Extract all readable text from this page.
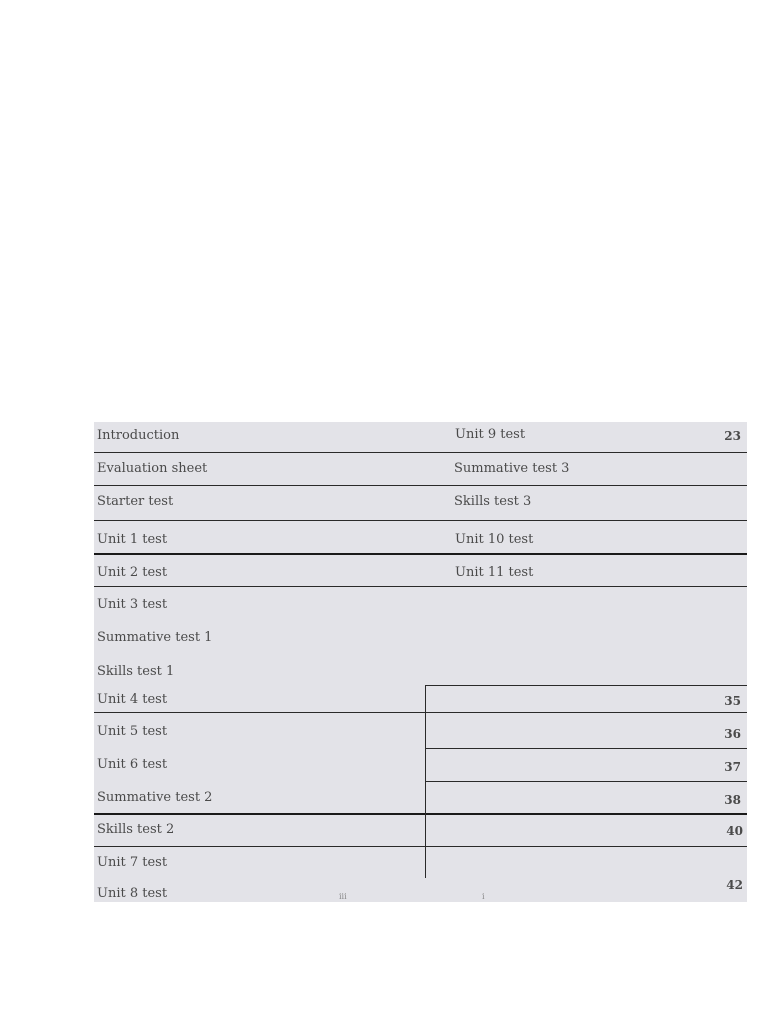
Introduction
Evaluation sheet
Starter test
Unit 1 test
Unit 2 test
Unit 3 test
Summative test 1
Skills test 1
Unit 4 test
Unit 5 test
Unit 6 test
Summative test 2
Skills test 2
Unit 7 test
Unit 8 test
Unit 9 test	23
Summative test 3
Skills test 3
Unit 10 test
Unit 11 test
35
36
37
38
40
42
iii	i
